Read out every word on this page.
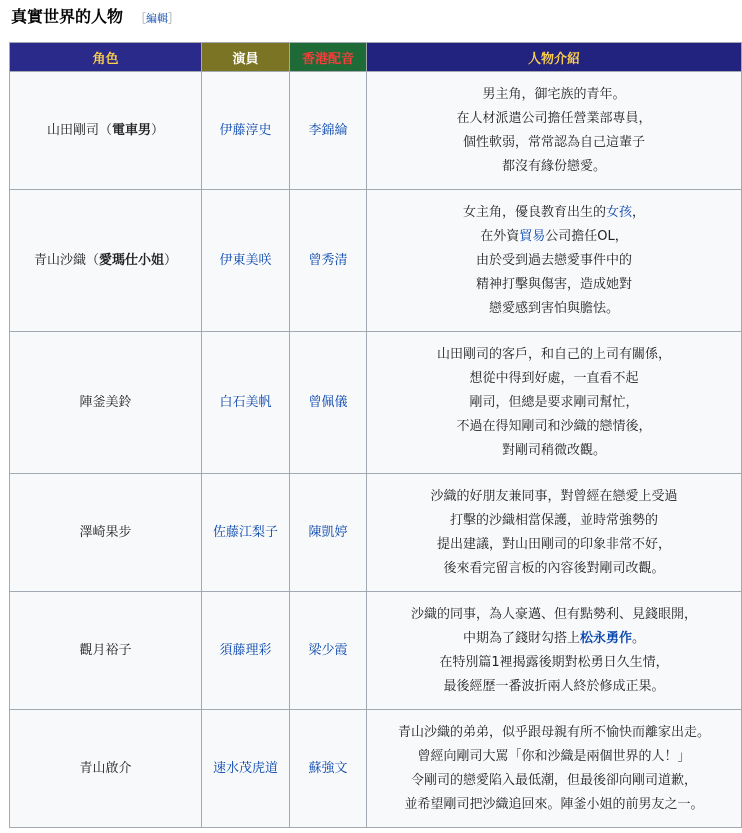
真實世界的人物 ［編輯］
角色	演員	香港配音	人物介紹
山田剛司（電車男）	伊藤淳史	李錦綸	男主角，御宅族的青年。
在人材派遣公司擔任營業部專員，
個性軟弱，常常認為自己這輩子
都沒有緣份戀愛。

青山沙織（愛瑪仕小姐）	伊東美咲	曾秀清	女主角，優良教育出生的女孩，
在外資貿易公司擔任OL，
由於受到過去戀愛事件中的
精神打擊與傷害，造成她對
戀愛感到害怕與膽怯。

陣釜美鈴	白石美帆	曾佩儀	山田剛司的客戶，和自己的上司有關係，
想從中得到好處，一直看不起
剛司，但總是要求剛司幫忙，
不過在得知剛司和沙織的戀情後，
對剛司稍微改觀。

澤崎果步	佐藤江梨子	陳凱婷	沙織的好朋友兼同事，對曾經在戀愛上受過
打擊的沙織相當保護，並時常強勢的
提出建議，對山田剛司的印象非常不好，
後來看完留言板的內容後對剛司改觀。

觀月裕子	須藤理彩	梁少霞	沙織的同事，為人豪邁、但有點勢利、見錢眼開，
中期為了錢財勾搭上松永勇作。
在特別篇1裡揭露後期對松勇日久生情，
最後經歷一番波折兩人終於修成正果。

青山啟介	速水茂虎道	蘇強文	青山沙織的弟弟，似乎跟母親有所不愉快而離家出走。
曾經向剛司大罵「你和沙織是兩個世界的人！」
令剛司的戀愛陷入最低潮，但最後卻向剛司道歉，
並希望剛司把沙織追回來。陣釜小姐的前男友之一。
